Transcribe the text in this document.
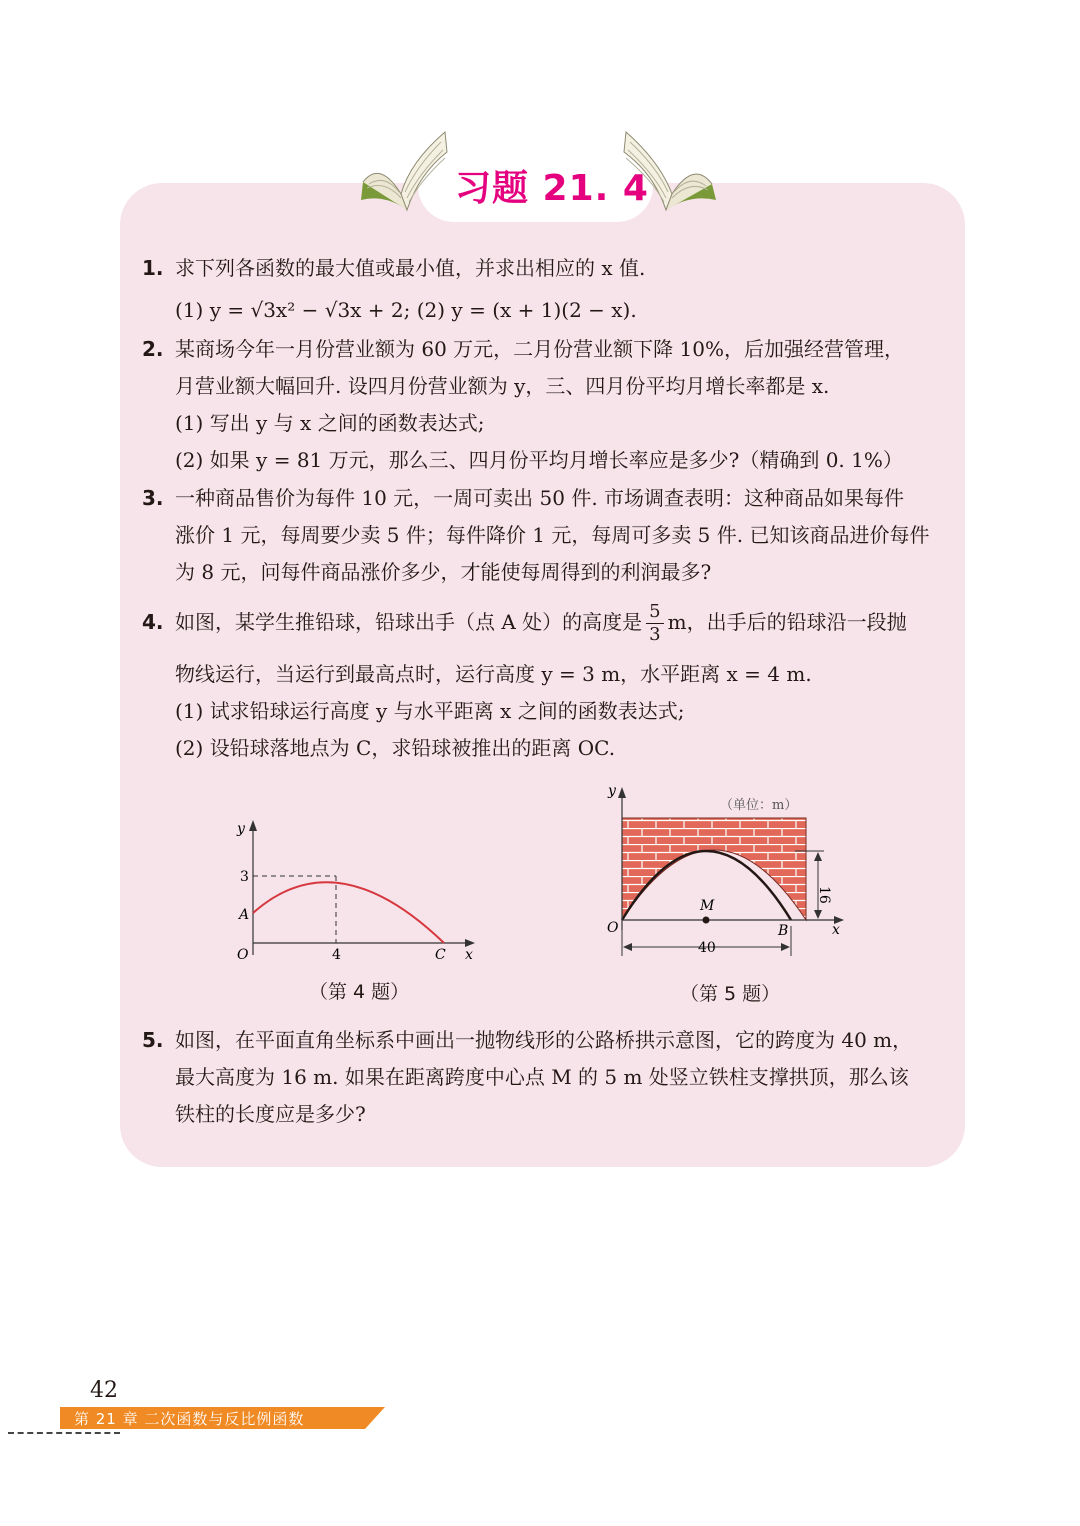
习题 21. 4
1. 求下列各函数的最大值或最小值，并求出相应的 x 值.
(1) y = √3x² − √3x + 2; (2) y = (x + 1)(2 − x).
2. 某商场今年一月份营业额为 60 万元，二月份营业额下降 10%，后加强经营管理，
月营业额大幅回升. 设四月份营业额为 y，三、四月份平均月增长率都是 x.
(1) 写出 y 与 x 之间的函数表达式;
(2) 如果 y = 81 万元，那么三、四月份平均月增长率应是多少?（精确到 0. 1%）
3. 一种商品售价为每件 10 元，一周可卖出 50 件. 市场调查表明：这种商品如果每件
涨价 1 元，每周要少卖 5 件；每件降价 1 元，每周可多卖 5 件. 已知该商品进价每件
为 8 元，问每件商品涨价多少，才能使每周得到的利润最多?
4. 如图，某学生推铅球，铅球出手（点 A 处）的高度是 $\frac{5}{3}$ m，出手后的铅球沿一段抛
物线运行，当运行到最高点时，运行高度 y = 3 m，水平距离 x = 4 m.
(1) 试求铅球运行高度 y 与水平距离 x 之间的函数表达式;
(2) 设铅球落地点为 C，求铅球被推出的距离 OC.
y
x
O
3
4
A
C
（第 4 题）
y
x
O
M
B
16
40
（单位：m）
（第 5 题）
5. 如图，在平面直角坐标系中画出一抛物线形的公路桥拱示意图，它的跨度为 40 m，
最大高度为 16 m. 如果在距离跨度中心点 M 的 5 m 处竖立铁柱支撑拱顶，那么该
铁柱的长度应是多少?
42
第 21 章 二次函数与反比例函数
